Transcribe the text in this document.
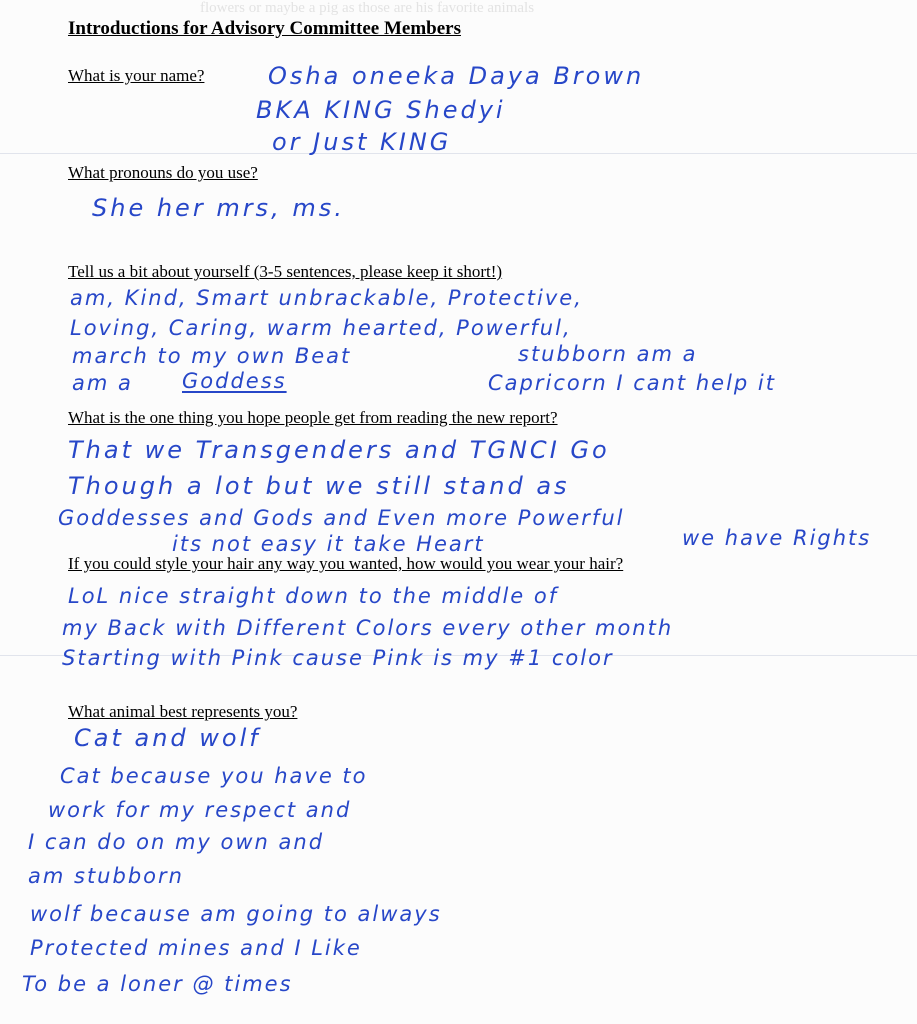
flowers or maybe a pig as those are his favorite animals
Introductions for Advisory Committee Members
What is your name?	Osha oneeka Daya Brown
BKA KING Shedyi
or Just KING
What pronouns do you use?
She her mrs, ms.
Tell us a bit about yourself (3-5 sentences, please keep it short!)
am, Kind, Smart unbrackable, Protective,
Loving, Caring, warm hearted, Powerful,
march to my own Beat	stubborn am a
am a Goddess	Capricorn I cant help it
What is the one thing you hope people get from reading the new report?
That we Transgenders and TGNCI Go
Though a lot but we still stand as
Goddesses and Gods and Even more Powerful
its not easy it take Heart	we have Rights
If you could style your hair any way you wanted, how would you wear your hair?
LoL nice straight down to the middle of
my Back with Different Colors every other month
Starting with Pink cause Pink is my #1 color
What animal best represents you?
Cat and wolf
Cat because you have to
work for my respect and
I can do on my own and
am stubborn
wolf because am going to always
Protected mines and I Like
To be a loner @ times
